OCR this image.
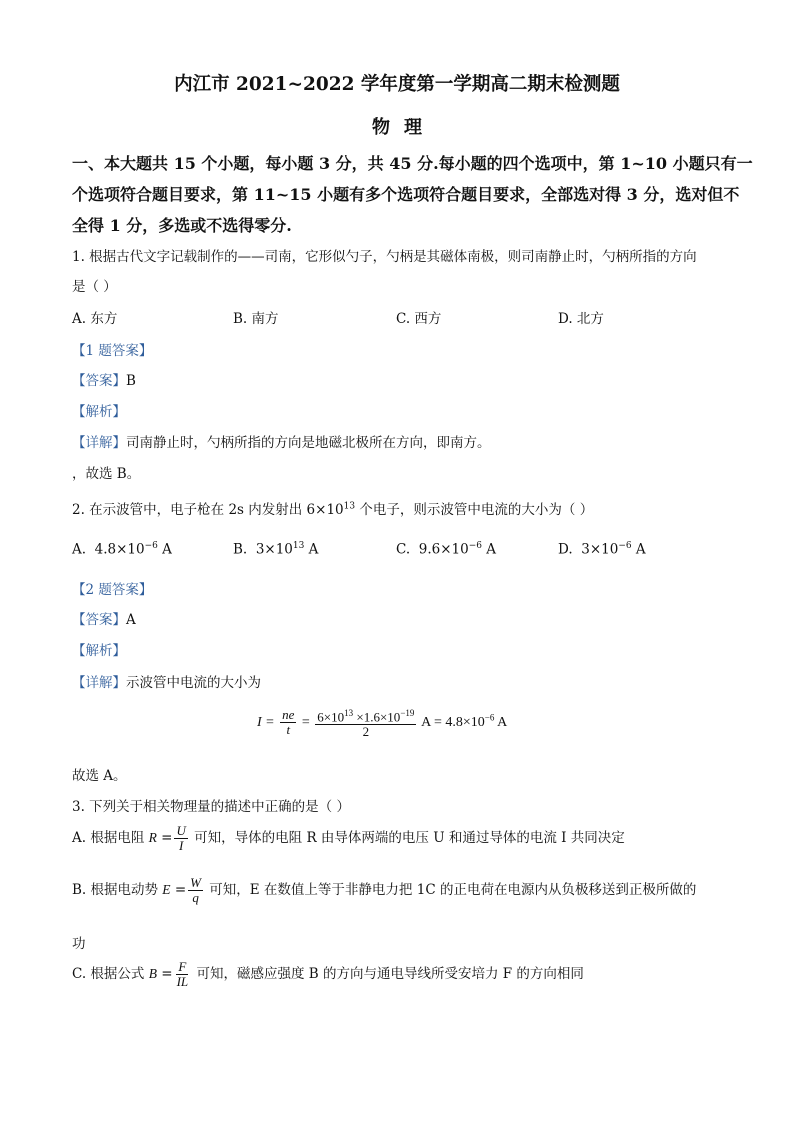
内江市 2021~2022 学年度第一学期高二期末检测题
物理
一、本大题共 15 个小题，每小题 3 分，共 45 分.每小题的四个选项中，第 1~10 小题只有一
个选项符合题目要求，第 11~15 小题有多个选项符合题目要求，全部选对得 3 分，选对但不
全得 1 分，多选或不选得零分.
1. 根据古代文字记载制作的——司南，它形似勺子，勺柄是其磁体南极，则司南静止时，勺柄所指的方向
是（ ）
A. 东方	B. 南方	C. 西方	D. 北方
【1 题答案】
【答案】B
【解析】
【详解】司南静止时，勺柄所指的方向是地磁北极所在方向，即南方。
，故选 B。
2. 在示波管中，电子枪在 2s 内发射出 $6\times 10^{13}$ 个电子，则示波管中电流的大小为（ ）
A. $4.8\times 10^{-6}$ A	B. $3\times 10^{13}$ A	C. $9.6\times 10^{-6}$ A	D. $3\times 10^{-6}$ A
【2 题答案】
【答案】A
【解析】
【详解】示波管中电流的大小为
$I = \frac{ne}{t} = \frac{6\times 10^{13} \times 1.6\times 10^{-19}}{2}$ $A = 4.8\times 10^{-6}$ A
故选 A。
3. 下列关于相关物理量的描述中正确的是（ ）
A. 根据电阻 $R = \frac{U}{I}$ 可知，导体的电阻 R 由导体两端的电压 U 和通过导体的电流 I 共同决定
B. 根据电动势 $E = \frac{W}{q}$ 可知，E 在数值上等于非静电力把 1C 的正电荷在电源内从负极移送到正极所做的
功
C. 根据公式 $B = \frac{F}{IL}$ 可知，磁感应强度 B 的方向与通电导线所受安培力 F 的方向相同
